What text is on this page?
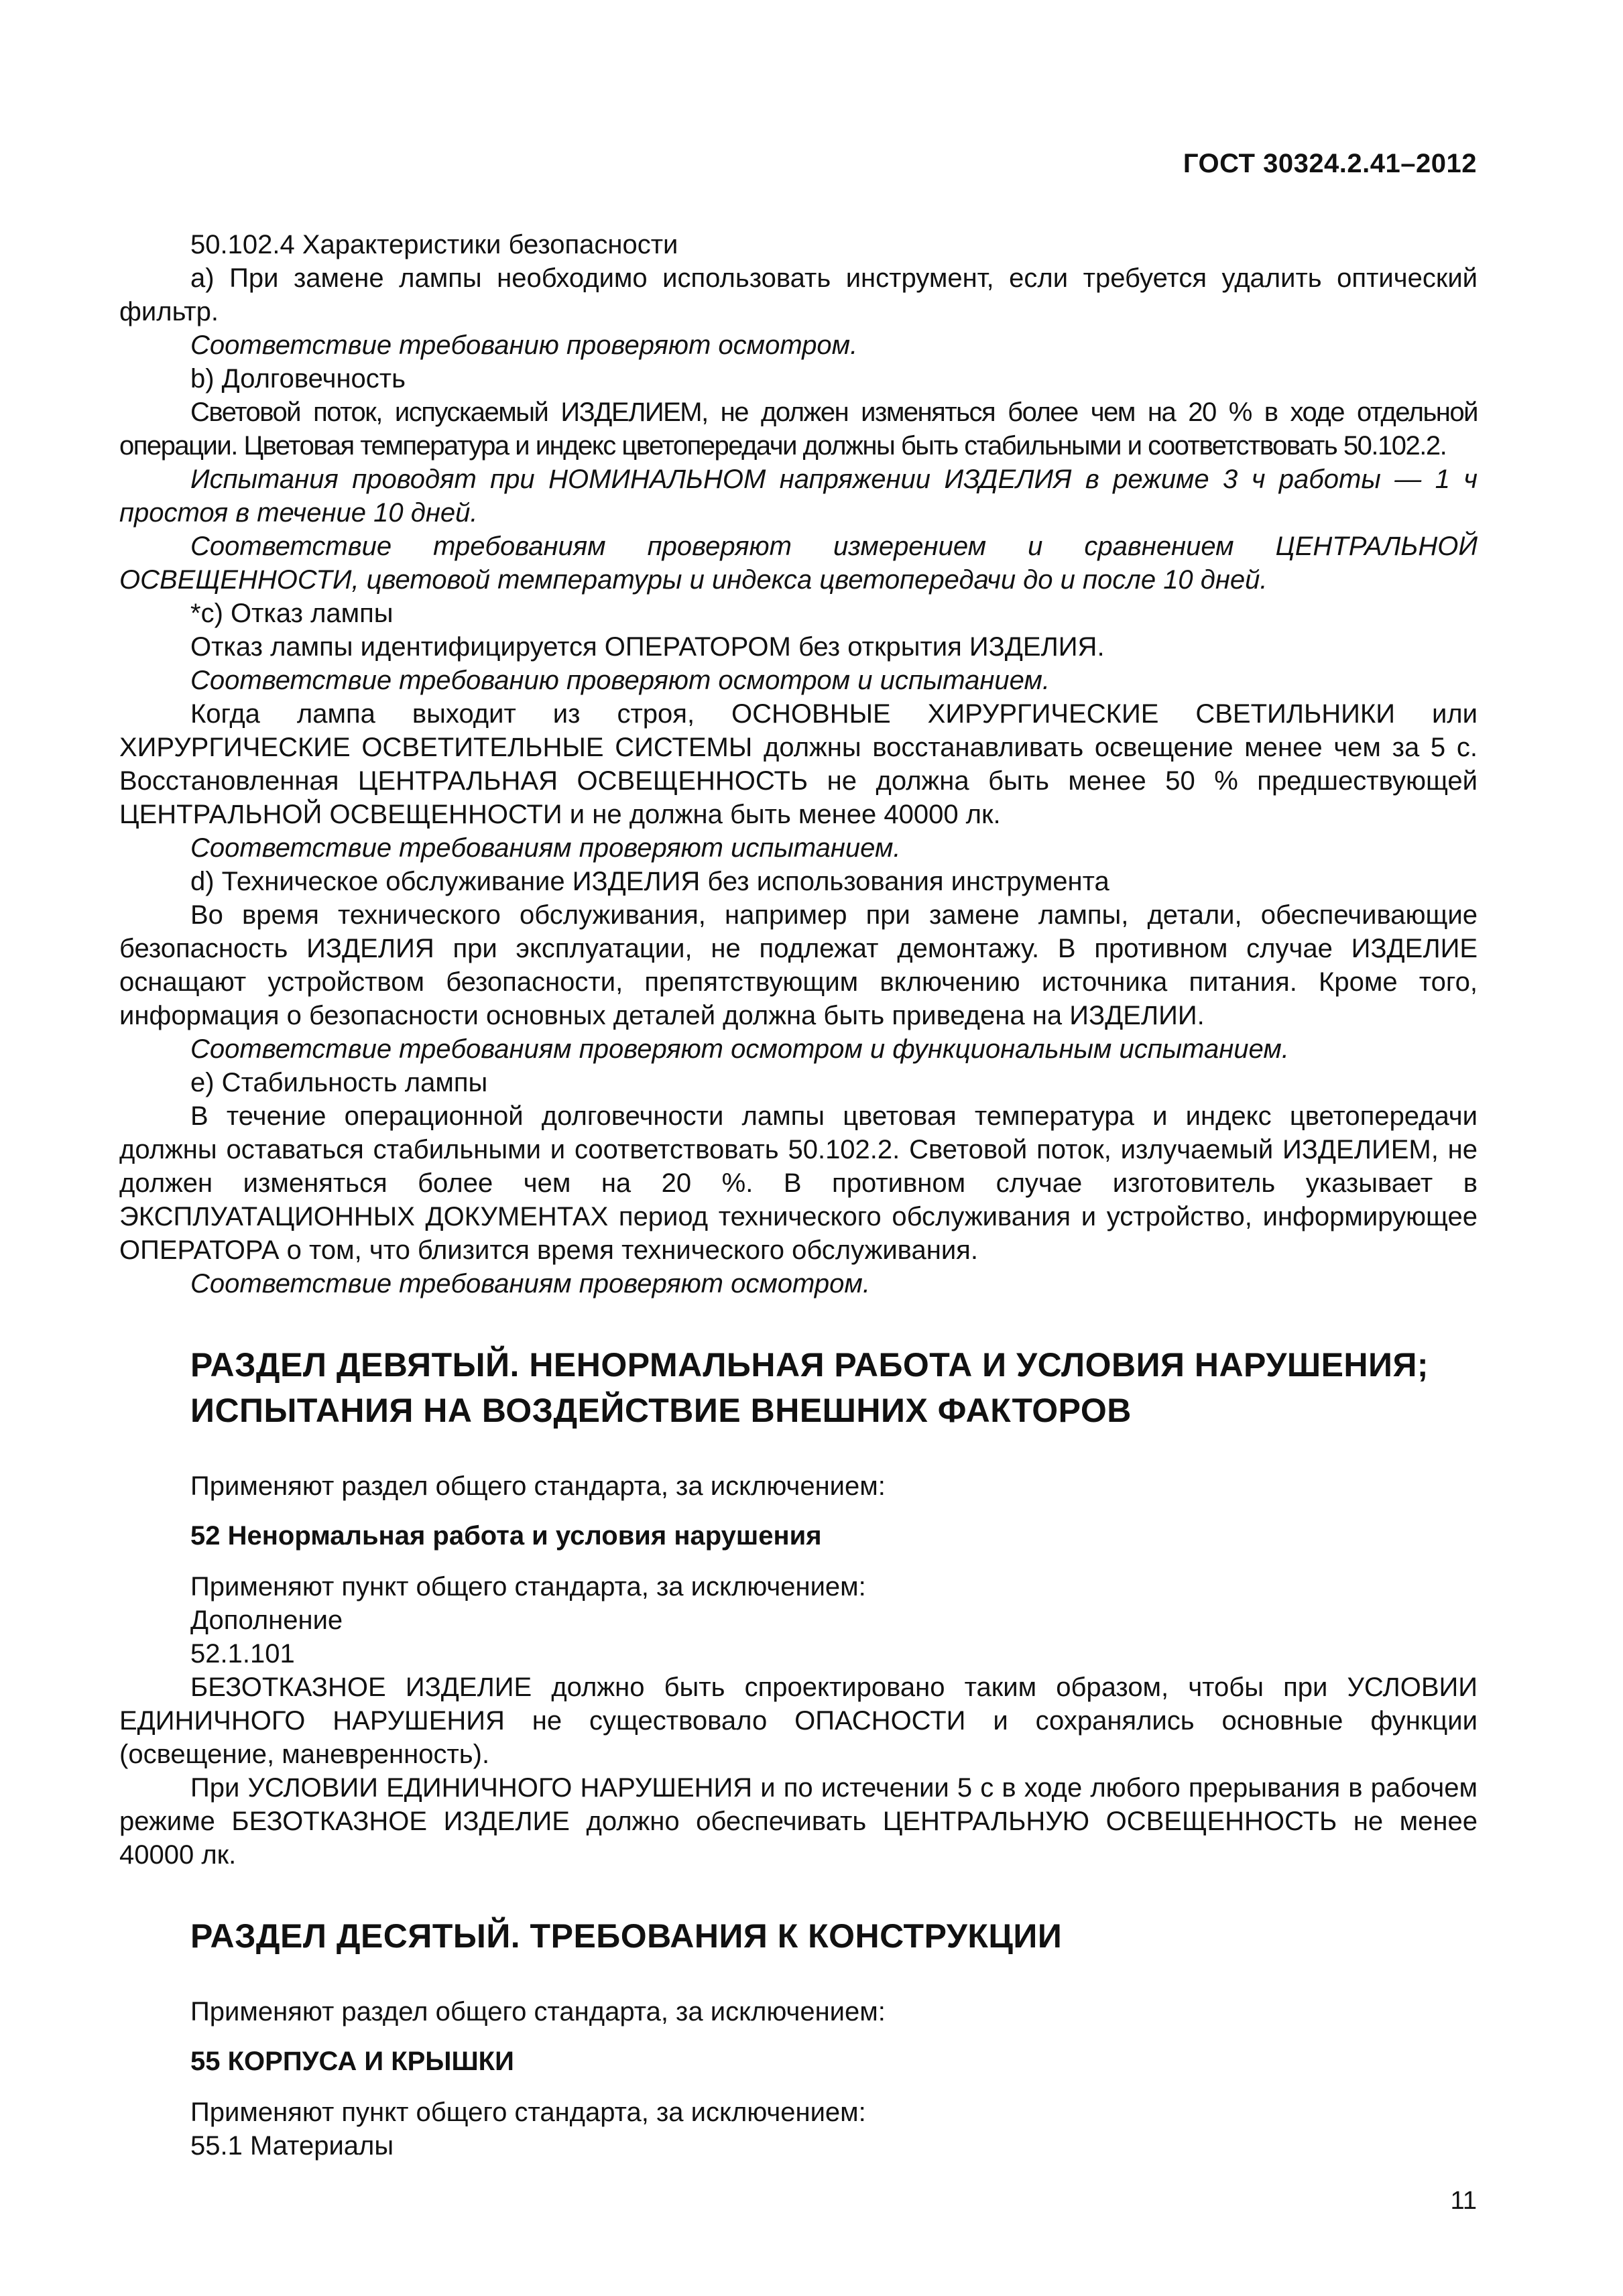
ГОСТ 30324.2.41–2012

50.102.4 Характеристики безопасности

a) При замене лампы необходимо использовать инструмент, если требуется удалить оптический фильтр.

Соответствие требованию проверяют осмотром.

b) Долговечность

Световой поток, испускаемый ИЗДЕЛИЕМ, не должен изменяться более чем на 20 % в ходе отдельной операции. Цветовая температура и индекс цветопередачи должны быть стабильными и соответствовать 50.102.2.

Испытания проводят при НОМИНАЛЬНОМ напряжении ИЗДЕЛИЯ в режиме 3 ч работы — 1 ч простоя в течение 10 дней.

Соответствие требованиям проверяют измерением и сравнением ЦЕНТРАЛЬНОЙ ОСВЕЩЕННОСТИ, цветовой температуры и индекса цветопередачи до и после 10 дней.

*c) Отказ лампы

Отказ лампы идентифицируется ОПЕРАТОРОМ без открытия ИЗДЕЛИЯ.

Соответствие требованию проверяют осмотром и испытанием.

Когда лампа выходит из строя, ОСНОВНЫЕ ХИРУРГИЧЕСКИЕ СВЕТИЛЬНИКИ или ХИРУРГИЧЕСКИЕ ОСВЕТИТЕЛЬНЫЕ СИСТЕМЫ должны восстанавливать освещение менее чем за 5 с. Восстановленная ЦЕНТРАЛЬНАЯ ОСВЕЩЕННОСТЬ не должна быть менее 50 % предшествующей ЦЕНТРАЛЬНОЙ ОСВЕЩЕННОСТИ и не должна быть менее 40000 лк.

Соответствие требованиям проверяют испытанием.

d) Техническое обслуживание ИЗДЕЛИЯ без использования инструмента

Во время технического обслуживания, например при замене лампы, детали, обеспечивающие безопасность ИЗДЕЛИЯ при эксплуатации, не подлежат демонтажу. В противном случае ИЗДЕЛИЕ оснащают устройством безопасности, препятствующим включению источника питания. Кроме того, информация о безопасности основных деталей должна быть приведена на ИЗДЕЛИИ.

Соответствие требованиям проверяют осмотром и функциональным испытанием.

e) Стабильность лампы

В течение операционной долговечности лампы цветовая температура и индекс цветопередачи должны оставаться стабильными и соответствовать 50.102.2. Световой поток, излучаемый ИЗДЕЛИЕМ, не должен изменяться более чем на 20 %. В противном случае изготовитель указывает в ЭКСПЛУАТАЦИОННЫХ ДОКУМЕНТАХ период технического обслуживания и устройство, информирующее ОПЕРАТОРА о том, что близится время технического обслуживания.

Соответствие требованиям проверяют осмотром.

РАЗДЕЛ ДЕВЯТЫЙ. НЕНОРМАЛЬНАЯ РАБОТА И УСЛОВИЯ НАРУШЕНИЯ; ИСПЫТАНИЯ НА ВОЗДЕЙСТВИЕ ВНЕШНИХ ФАКТОРОВ

Применяют раздел общего стандарта, за исключением:

52 Ненормальная работа и условия нарушения

Применяют пункт общего стандарта, за исключением:

Дополнение

52.1.101

БЕЗОТКАЗНОЕ ИЗДЕЛИЕ должно быть спроектировано таким образом, чтобы при УСЛОВИИ ЕДИНИЧНОГО НАРУШЕНИЯ не существовало ОПАСНОСТИ и сохранялись основные функции (освещение, маневренность).

При УСЛОВИИ ЕДИНИЧНОГО НАРУШЕНИЯ и по истечении 5 с в ходе любого прерывания в рабочем режиме БЕЗОТКАЗНОЕ ИЗДЕЛИЕ должно обеспечивать ЦЕНТРАЛЬНУЮ ОСВЕЩЕННОСТЬ не менее 40000 лк.

РАЗДЕЛ ДЕСЯТЫЙ. ТРЕБОВАНИЯ К КОНСТРУКЦИИ

Применяют раздел общего стандарта, за исключением:

55 КОРПУСА И КРЫШКИ

Применяют пункт общего стандарта, за исключением:

55.1 Материалы

11
